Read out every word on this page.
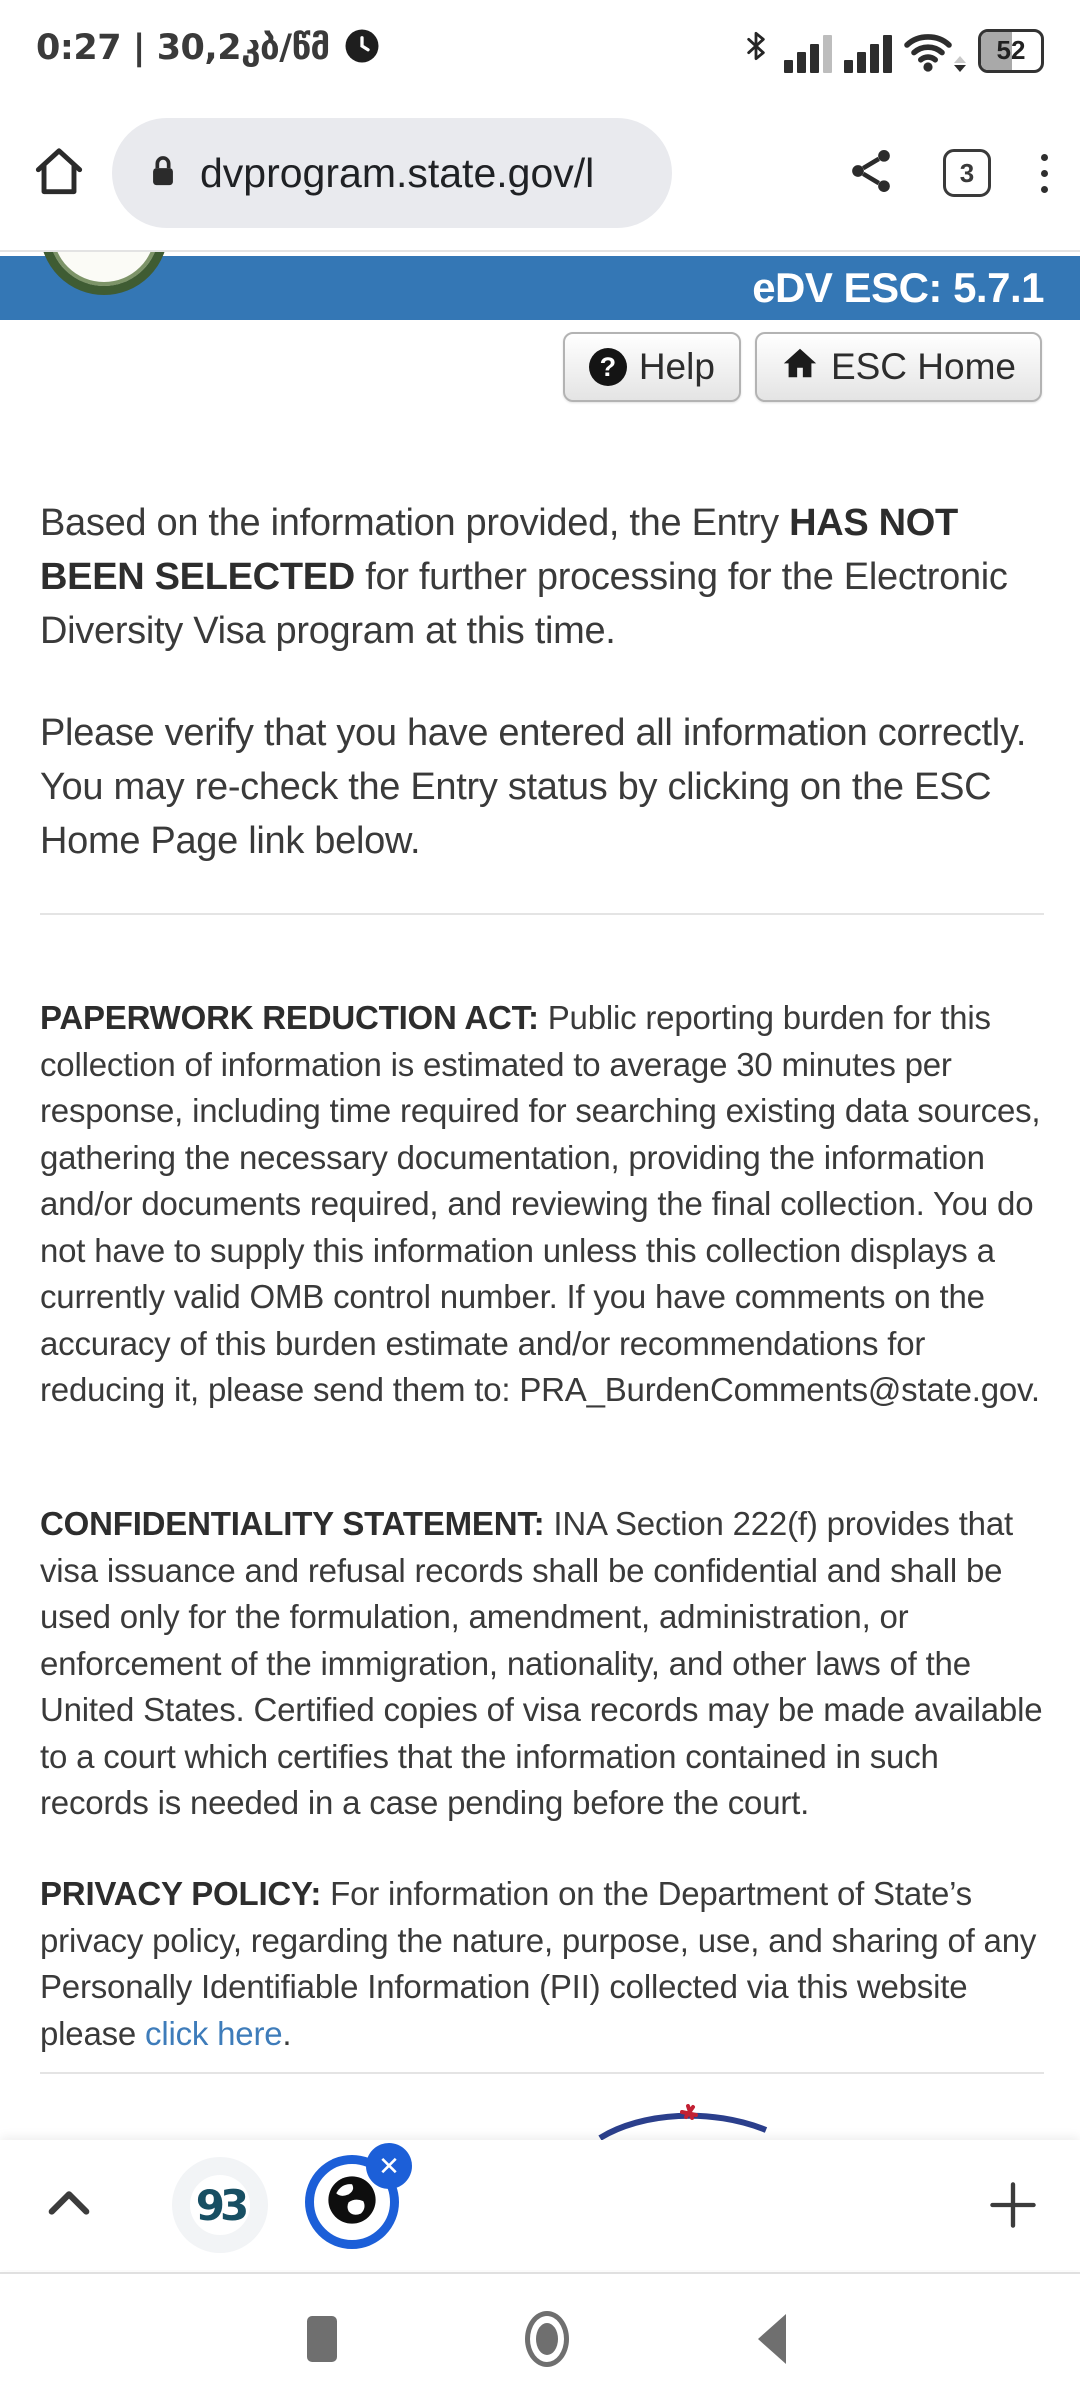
0:27 | 30,2კბ/წმ	52
dvprogram.state.gov/l	3
eDV ESC: 5.7.1
? Help	ESC Home

Based on the information provided, the Entry HAS NOT BEEN SELECTED for further processing for the Electronic Diversity Visa program at this time.

Please verify that you have entered all information correctly. You may re-check the Entry status by clicking on the ESC Home Page link below.

PAPERWORK REDUCTION ACT: Public reporting burden for this collection of information is estimated to average 30 minutes per response, including time required for searching existing data sources, gathering the necessary documentation, providing the information and/or documents required, and reviewing the final collection. You do not have to supply this information unless this collection displays a currently valid OMB control number. If you have comments on the accuracy of this burden estimate and/or recommendations for reducing it, please send them to: PRA_BurdenComments@state.gov.

CONFIDENTIALITY STATEMENT: INA Section 222(f) provides that visa issuance and refusal records shall be confidential and shall be used only for the formulation, amendment, administration, or enforcement of the immigration, nationality, and other laws of the United States. Certified copies of visa records may be made available to a court which certifies that the information contained in such records is needed in a case pending before the court.

PRIVACY POLICY: For information on the Department of State’s privacy policy, regarding the nature, purpose, use, and sharing of any Personally Identifiable Information (PII) collected via this website please click here.

93
✕
